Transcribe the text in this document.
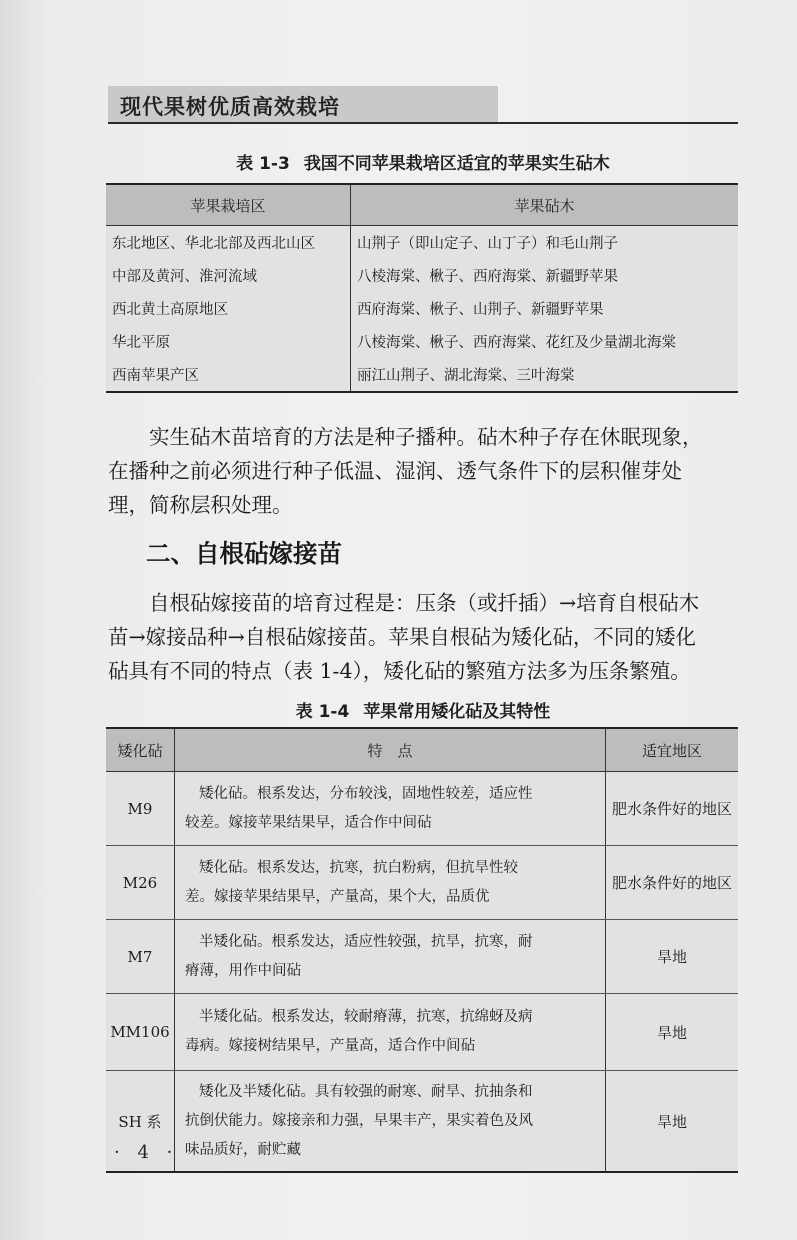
现代果树优质高效栽培
表 1-3 我国不同苹果栽培区适宜的苹果实生砧木
苹果栽培区	苹果砧木
东北地区、华北北部及西北山区	山荆子（即山定子、山丁子）和毛山荆子
中部及黄河、淮河流域	八棱海棠、楸子、西府海棠、新疆野苹果
西北黄土高原地区	西府海棠、楸子、山荆子、新疆野苹果
华北平原	八棱海棠、楸子、西府海棠、花红及少量湖北海棠
西南苹果产区	丽江山荆子、湖北海棠、三叶海棠
实生砧木苗培育的方法是种子播种。砧木种子存在休眠现象，
在播种之前必须进行种子低温、湿润、透气条件下的层积催芽处
理，简称层积处理。
二、自根砧嫁接苗
自根砧嫁接苗的培育过程是：压条（或扦插）→培育自根砧木
苗→嫁接品种→自根砧嫁接苗。苹果自根砧为矮化砧，不同的矮化
砧具有不同的特点（表 1-4），矮化砧的繁殖方法多为压条繁殖。
表 1-4 苹果常用矮化砧及其特性
矮化砧	特　点	适宜地区
M9	矮化砧。根系发达，分布较浅，固地性较差，适应性
较差。嫁接苹果结果早，适合作中间砧	肥水条件好的地区
M26	矮化砧。根系发达，抗寒，抗白粉病，但抗旱性较
差。嫁接苹果结果早，产量高，果个大，品质优	肥水条件好的地区
M7	半矮化砧。根系发达，适应性较强，抗旱，抗寒，耐
瘠薄，用作中间砧	旱地
MM106	半矮化砧。根系发达，较耐瘠薄，抗寒，抗绵蚜及病
毒病。嫁接树结果早，产量高，适合作中间砧	旱地
SH 系	矮化及半矮化砧。具有较强的耐寒、耐旱、抗抽条和
抗倒伏能力。嫁接亲和力强，早果丰产，果实着色及风
味品质好，耐贮藏	旱地
· 4 ·
